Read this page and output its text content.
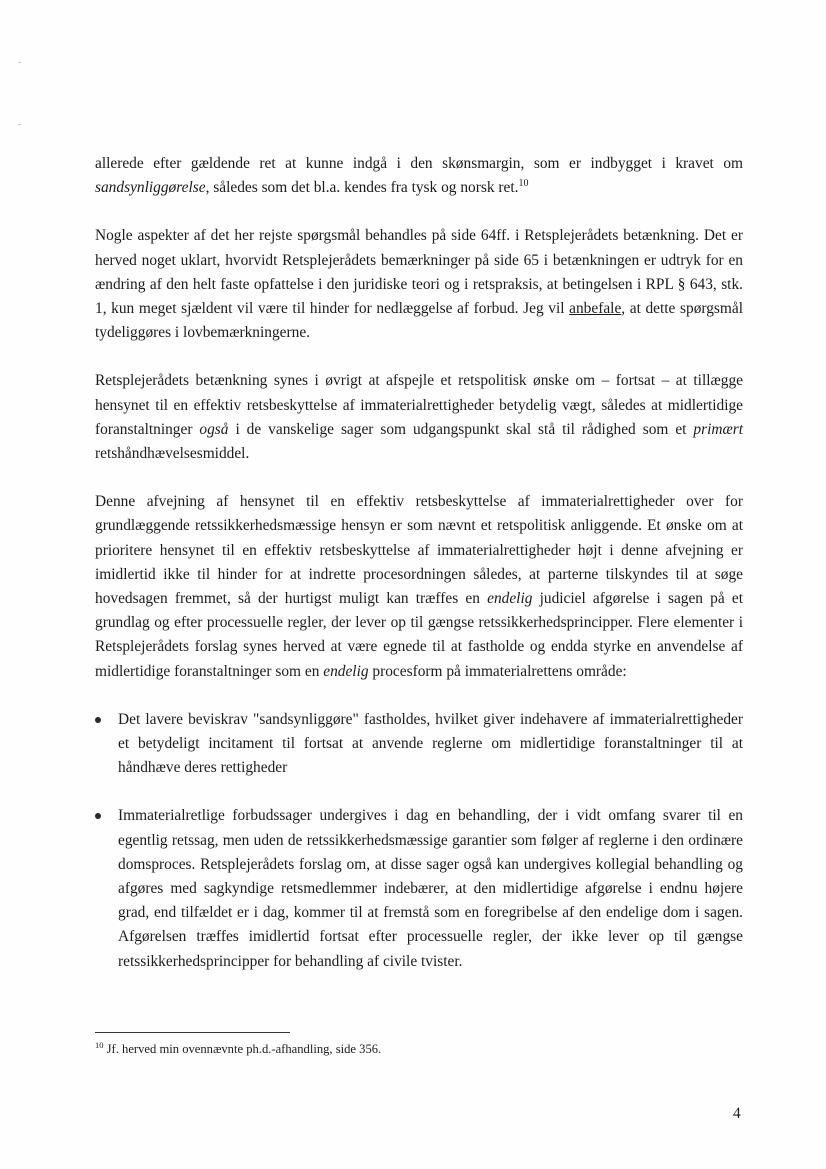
allerede efter gældende ret at kunne indgå i den skønsmargin, som er indbygget i kravet om sandsynliggørelse, således som det bl.a. kendes fra tysk og norsk ret.$^{10}$

Nogle aspekter af det her rejste spørgsmål behandles på side 64ff. i Retsplejerådets betænkning. Det er herved noget uklart, hvorvidt Retsplejerådets bemærkninger på side 65 i betænkningen er udtryk for en ændring af den helt faste opfattelse i den juridiske teori og i retspraksis, at betingelsen i RPL § 643, stk. 1, kun meget sjældent vil være til hinder for nedlæggelse af forbud. Jeg vil anbefale, at dette spørgsmål tydeliggøres i lovbemærkningerne.

Retsplejerådets betænkning synes i øvrigt at afspejle et retspolitisk ønske om – fortsat – at tillægge hensynet til en effektiv retsbeskyttelse af immaterialrettigheder betydelig vægt, således at midlertidige foranstaltninger også i de vanskelige sager som udgangspunkt skal stå til rådighed som et primært retshåndhævelsesmiddel.

Denne afvejning af hensynet til en effektiv retsbeskyttelse af immaterialrettigheder over for grundlæggende retssikkerhedsmæssige hensyn er som nævnt et retspolitisk anliggende. Et ønske om at prioritere hensynet til en effektiv retsbeskyttelse af immaterialrettigheder højt i denne afvejning er imidlertid ikke til hinder for at indrette procesordningen således, at parterne tilskyndes til at søge hovedsagen fremmet, så der hurtigst muligt kan træffes en endelig judiciel afgørelse i sagen på et grundlag og efter processuelle regler, der lever op til gængse retssikkerhedsprincipper. Flere elementer i Retsplejerådets forslag synes herved at være egnede til at fastholde og endda styrke en anvendelse af midlertidige foranstaltninger som en endelig procesform på immaterialrettens område:

Det lavere beviskrav "sandsynliggøre" fastholdes, hvilket giver indehavere af immaterialrettigheder et betydeligt incitament til fortsat at anvende reglerne om midlertidige foranstaltninger til at håndhæve deres rettigheder
Immaterialretlige forbudssager undergives i dag en behandling, der i vidt omfang svarer til en egentlig retssag, men uden de retssikkerhedsmæssige garantier som følger af reglerne i den ordinære domsproces. Retsplejerådets forslag om, at disse sager også kan undergives kollegial behandling og afgøres med sagkyndige retsmedlemmer indebærer, at den midlertidige afgørelse i endnu højere grad, end tilfældet er i dag, kommer til at fremstå som en foregribelse af den endelige dom i sagen. Afgørelsen træffes imidlertid fortsat efter processuelle regler, der ikke lever op til gængse retssikkerhedsprincipper for behandling af civile tvister.
$^{10}$ Jf. herved min ovennævnte ph.d.-afhandling, side 356.
4
